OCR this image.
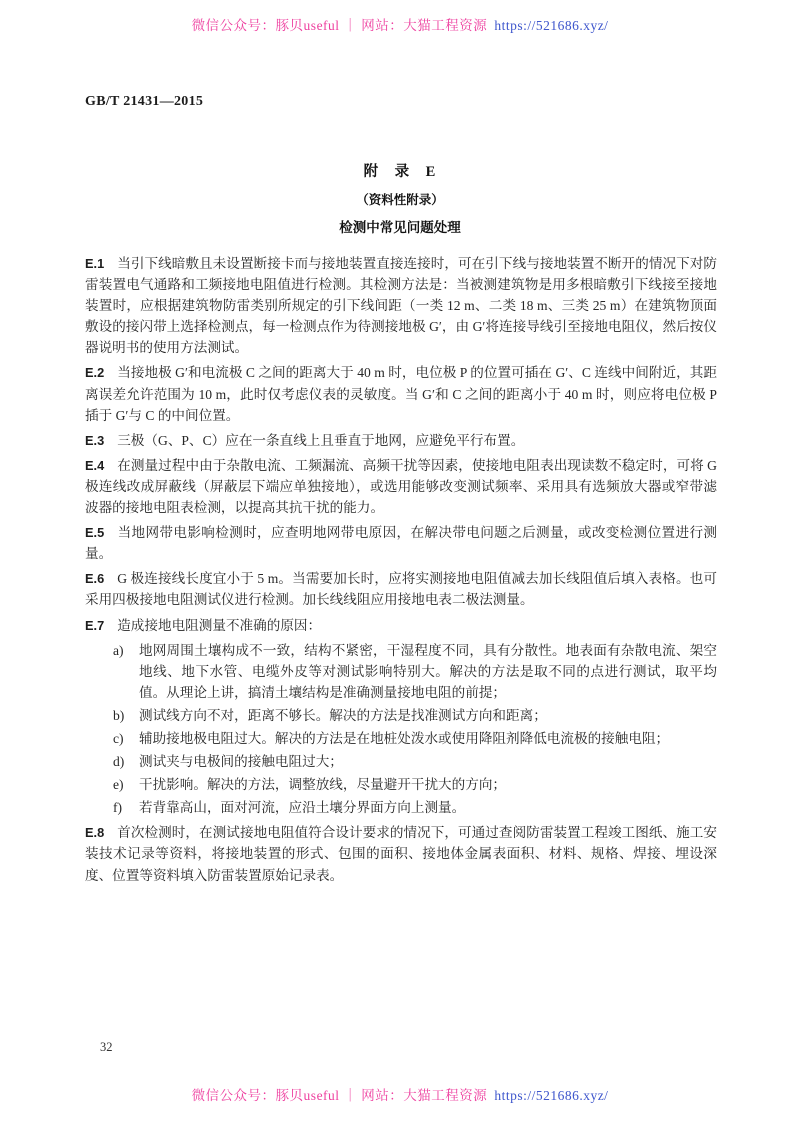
微信公众号：豚贝useful ｜ 网站：大猫工程资源 https://521686.xyz/
GB/T 21431—2015
附　录　E
（资料性附录）
检测中常见问题处理

E.1 当引下线暗敷且未设置断接卡而与接地装置直接连接时，可在引下线与接地装置不断开的情况下对防雷装置电气通路和工频接地电阻值进行检测。其检测方法是：当被测建筑物是用多根暗敷引下线接至接地装置时，应根据建筑物防雷类别所规定的引下线间距（一类 12 m、二类 18 m、三类 25 m）在建筑物顶面敷设的接闪带上选择检测点，每一检测点作为待测接地极 G′，由 G′将连接导线引至接地电阻仪，然后按仪器说明书的使用方法测试。

E.2 当接地极 G′和电流极 C 之间的距离大于 40 m 时，电位极 P 的位置可插在 G′、C 连线中间附近，其距离误差允许范围为 10 m，此时仅考虑仪表的灵敏度。当 G′和 C 之间的距离小于 40 m 时，则应将电位极 P 插于 G′与 C 的中间位置。

E.3 三极（G、P、C）应在一条直线上且垂直于地网，应避免平行布置。

E.4 在测量过程中由于杂散电流、工频漏流、高频干扰等因素，使接地电阻表出现读数不稳定时，可将 G 极连线改成屏蔽线（屏蔽层下端应单独接地），或选用能够改变测试频率、采用具有选频放大器或窄带滤波器的接地电阻表检测，以提高其抗干扰的能力。

E.5 当地网带电影响检测时，应查明地网带电原因，在解决带电问题之后测量，或改变检测位置进行测量。

E.6 G 极连接线长度宜小于 5 m。当需要加长时，应将实测接地电阻值减去加长线阻值后填入表格。也可采用四极接地电阻测试仪进行检测。加长线线阻应用接地电表二极法测量。

E.7 造成接地电阻测量不准确的原因：

a)	地网周围土壤构成不一致，结构不紧密，干湿程度不同，具有分散性。地表面有杂散电流、架空地线、地下水管、电缆外皮等对测试影响特别大。解决的方法是取不同的点进行测试，取平均值。从理论上讲，搞清土壤结构是准确测量接地电阻的前提；
b)	测试线方向不对，距离不够长。解决的方法是找准测试方向和距离；
c)	辅助接地极电阻过大。解决的方法是在地桩处泼水或使用降阻剂降低电流极的接触电阻；
d)	测试夹与电极间的接触电阻过大；
e)	干扰影响。解决的方法，调整放线，尽量避开干扰大的方向；
f)	若背靠高山，面对河流，应沿土壤分界面方向上测量。

E.8 首次检测时，在测试接地电阻值符合设计要求的情况下，可通过查阅防雷装置工程竣工图纸、施工安装技术记录等资料，将接地装置的形式、包围的面积、接地体金属表面积、材料、规格、焊接、埋设深度、位置等资料填入防雷装置原始记录表。

32
微信公众号：豚贝useful ｜ 网站：大猫工程资源 https://521686.xyz/
